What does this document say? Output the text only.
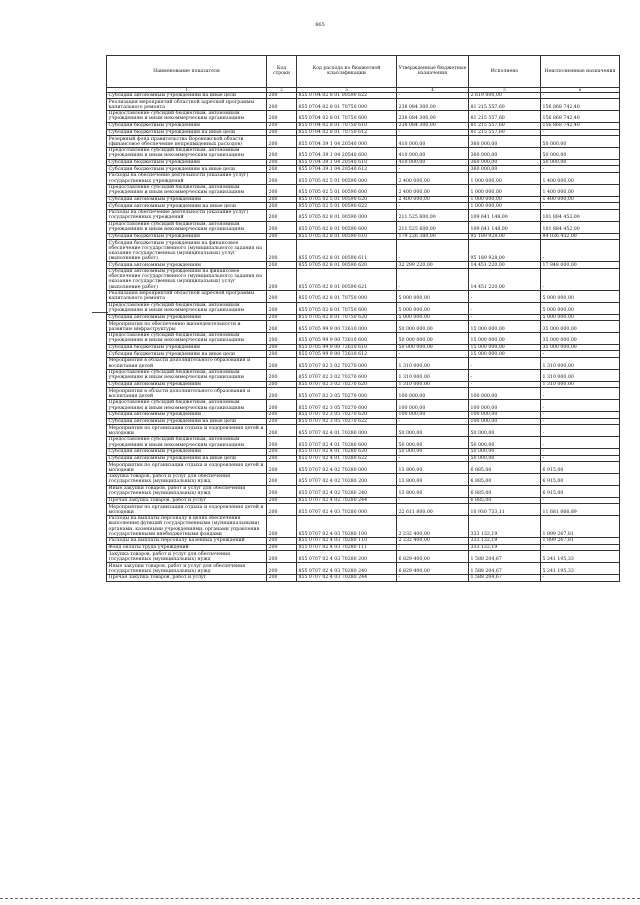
865
Наименование показателя	Код строки	Код расхода по бюджетной классификации	Утвержденные бюджетные назначения	Исполнено	Неисполненные назначения
1	2	3	4	5	6
Субсидии автономным учреждениям на иные цели	200	855 0704 02 8 01 00590 622	-	2 619 000,00	-
Реализация мероприятий областной адресной программы капитального ремонта	200	855 0704 02 8 01 70750 000	238 084 300,00	81 215 557,60	156 868 742,40
Предоставление субсидий бюджетным, автономным учреждениям и иным некоммерческим организациям	200	855 0704 02 8 01 70750 600	238 084 300,00	81 215 557,60	156 868 742,40
Субсидии бюджетным учреждениям	200	855 0704 02 8 01 70750 610	238 084 300,00	81 215 557,60	156 868 742,40
Субсидии бюджетным учреждениям на иные цели	200	855 0704 02 8 01 70750 612	-	81 215 557,60	-
Резервный фонд правительства Воронежской области (финансовое обеспечение непредвиденных расходов)	200	855 0704 39 1 04 20540 000	410 000,00	360 000,00	50 000,00
Предоставление субсидий бюджетным, автономным учреждениям и иным некоммерческим организациям	200	855 0704 39 1 04 20540 600	410 000,00	360 000,00	50 000,00
Субсидии бюджетным учреждениям	200	855 0704 39 1 04 20540 610	410 000,00	360 000,00	50 000,00
Субсидии бюджетным учреждениям на иные цели	200	855 0704 39 1 04 20540 612	-	360 000,00	-
Расходы на обеспечение деятельности (оказание услуг) государственных учреждений	200	855 0705 02 5 01 00590 000	2 400 000,00	1 000 000,00	1 400 000,00
Предоставление субсидий бюджетным, автономным учреждениям и иным некоммерческим организациям	200	855 0705 02 5 01 00590 600	2 400 000,00	1 000 000,00	1 400 000,00
Субсидии автономным учреждениям	200	855 0705 02 5 01 00590 620	2 400 000,00	1 000 000,00	1 400 000,00
Субсидии автономным учреждениям на иные цели	200	855 0705 02 5 01 00590 622	-	1 000 000,00	-
Расходы на обеспечение деятельности (оказание услуг) государственных учреждений	200	855 0705 02 8 01 00590 000	211 525 600,00	109 641 148,00	101 884 452,00
Предоставление субсидий бюджетным, автономным учреждениям и иным некоммерческим организациям	200	855 0705 02 8 01 00590 600	211 525 600,00	109 641 148,00	101 884 452,00
Субсидии бюджетным учреждениям	200	855 0705 02 8 01 00590 610	179 226 380,00	95 189 928,00	84 036 452,00
Субсидии бюджетным учреждениям на финансовое обеспечение государственного (муниципального) задания на оказание государственных (муниципальных) услуг (выполнение работ)	200	855 0705 02 8 01 00590 611	-	95 189 928,00	-
Субсидии автономным учреждениям	200	855 0705 02 8 01 00590 620	32 299 220,00	14 451 220,00	17 848 000,00
Субсидии автономным учреждениям на финансовое обеспечение государственного (муниципального) задания на оказание государственных (муниципальных) услуг (выполнение работ)	200	855 0705 02 8 01 00590 621	-	14 451 220,00	-
Реализация мероприятий областной адресной программы капитального ремонта	200	855 0705 02 8 01 70750 000	5 000 000,00	-	5 000 000,00
Предоставление субсидий бюджетным, автономным учреждениям и иным некоммерческим организациям	200	855 0705 02 8 01 70750 600	5 000 000,00	-	5 000 000,00
Субсидии автономным учреждениям	200	855 0705 02 8 01 70750 620	5 000 000,00	-	5 000 000,00
Мероприятия по обеспечению жизнедеятельности и развитию инфраструктуры	200	855 0705 99 9 00 72610 000	50 000 000,00	15 000 000,00	35 000 000,00
Предоставление субсидий бюджетным, автономным учреждениям и иным некоммерческим организациям	200	855 0705 99 9 00 72610 600	50 000 000,00	15 000 000,00	35 000 000,00
Субсидии бюджетным учреждениям	200	855 0705 99 9 00 72610 610	50 000 000,00	15 000 000,00	35 000 000,00
Субсидии бюджетным учреждениям на иные цели	200	855 0705 99 9 00 72610 612	-	15 000 000,00	-
Мероприятия в области дополнительного образования и воспитания детей	200	855 0707 02 3 02 70270 000	1 310 000,00	-	1 310 000,00
Предоставление субсидий бюджетным, автономным учреждениям и иным некоммерческим организациям	200	855 0707 02 3 02 70270 600	1 310 000,00	-	1 310 000,00
Субсидии автономным учреждениям	200	855 0707 02 3 02 70270 620	1 310 000,00	-	1 310 000,00
Мероприятия в области дополнительного образования и воспитания детей	200	855 0707 02 3 05 70270 000	100 000,00	100 000,00	-
Предоставление субсидий бюджетным, автономным учреждениям и иным некоммерческим организациям	200	855 0707 02 3 05 70270 600	100 000,00	100 000,00	-
Субсидии автономным учреждениям	200	855 0707 02 3 05 70270 620	100 000,00	100 000,00	-
Субсидии автономным учреждениям на иные цели	200	855 0707 02 3 05 70270 622	-	100 000,00	-
Мероприятия по организации отдыха и оздоровления детей и молодежи	200	855 0707 02 4 01 70280 000	50 000,00	50 000,00	-
Предоставление субсидий бюджетным, автономным учреждениям и иным некоммерческим организациям	200	855 0707 02 4 01 70280 600	50 000,00	50 000,00	-
Субсидии автономным учреждениям	200	855 0707 02 4 01 70280 620	50 000,00	50 000,00	-
Субсидии автономным учреждениям на иные цели	200	855 0707 02 4 01 70280 622	-	50 000,00	-
Мероприятия по организации отдыха и оздоровления детей и молодежи	200	855 0707 02 4 02 70280 000	13 800,00	6 885,00	6 915,00
Закупка товаров, работ и услуг для обеспечения государственных (муниципальных) нужд	200	855 0707 02 4 02 70280 200	13 800,00	6 885,00	6 915,00
Иные закупки товаров, работ и услуг для обеспечения государственных (муниципальных) нужд	200	855 0707 02 4 02 70280 240	13 800,00	6 885,00	6 915,00
Прочая закупка товаров, работ и услуг	200	855 0707 02 4 02 70280 244	-	6 885,00	-
Мероприятия по организации отдыха и оздоровления детей и молодежи	200	855 0707 02 4 03 70280 000	22 611 800,00	10 930 733,11	11 681 066,89
Расходы на выплаты персоналу в целях обеспечения выполнения функций государственными (муниципальными) органами, казенными учреждениями, органами управления государственными внебюджетными фондами	200	855 0707 02 4 03 70280 100	2 232 400,00	333 132,19	1 899 267,81
Расходы на выплаты персоналу казенных учреждений	200	855 0707 02 4 03 70280 110	2 232 400,00	333 132,19	1 899 267,81
Фонд оплаты труда учреждений	200	855 0707 02 4 03 70280 111	-	333 132,19	-
Закупка товаров, работ и услуг для обеспечения государственных (муниципальных) нужд	200	855 0707 02 4 03 70280 200	6 829 400,00	1 588 204,67	5 241 195,33
Иные закупки товаров, работ и услуг для обеспечения государственных (муниципальных) нужд	200	855 0707 02 4 03 70280 240	6 829 400,00	1 588 204,67	5 241 195,33
Прочая закупка товаров, работ и услуг	200	855 0707 02 4 03 70280 244	-	1 588 204,67	-
